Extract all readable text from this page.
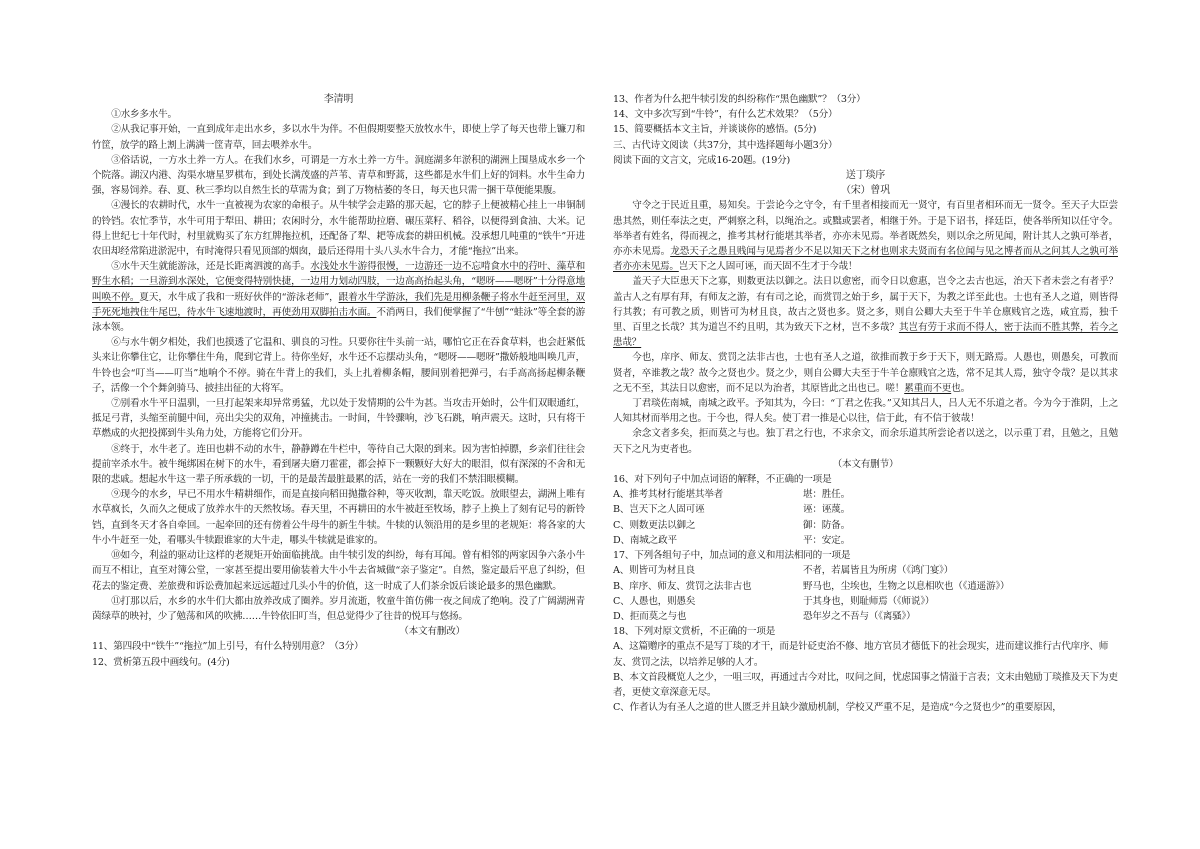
李清明

①水乡多水牛。

②从我记事开始，一直到成年走出水乡，多以水牛为伴。不但假期要整天放牧水牛，即使上学了每天也带上镰刀和竹筐，放学的路上割上满满一筐青草，回去喂养水牛。

③俗话说，一方水土养一方人。在我们水乡，可谓是一方水土养一方牛。洞庭湖多年淤积的湖洲上围垦成水乡一个个院落。湖汉内港、沟渠水塘星罗棋布，到处长满茂盛的芦苇、青草和野蒿，这些都是水牛们上好的饲料。水牛生命力强，容易饲养。春、夏、秋三季均以自然生长的草需为食；到了万物枯萎的冬日，每天也只需一捆干草便能果腹。

④漫长的农耕时代，水牛一直被视为农家的命根子。从牛犊学会走路的那天起，它的脖子上便被精心挂上一串铜制的铃铛。农忙季节，水牛可用于犁田、耕田；农闲时分，水牛能帮助拉磨、碾压菜籽、稻谷，以便得到食油、大米。记得上世纪七十年代时，村里就购买了东方红牌拖拉机，还配备了犁、耙等成套的耕田机械。没承想几吨重的“铁牛”开进农田却经常陷进淤泥中，有时淹得只看见顶部的烟囱，最后还得用十头八头水牛合力，才能“拖拉”出来。

⑤水牛天生就能游泳，还是长距离泗渡的高手。水浅处水牛游得很慢，一边游还一边不忘啃食水中的荇叶、藻草和野生水稻；一旦游到水深处，它便变得特别快捷，一边用力划动四肢，一边高高抬起头角，“嗯呀——嗯呀”十分得意地叫唤不停。夏天，水牛成了我和一班好伙伴的“游泳老师”，跟着水牛学游泳，我们先是用柳条鞭子将水牛赶至河里，双手死死地拽住牛尾巴，待水牛飞速地渡时，再使劲用双脚拍击水面。不消两日，我们便掌握了“牛刨”“蛙泳”等全套的游泳本领。

⑥与水牛朝夕相处，我们也摸透了它温和、驯良的习性。只要你往牛头前一站，哪怕它正在吞食草料，也会赶紧低头来让你攀住它，让你攀住牛角，爬到它背上。待你坐好，水牛还不忘摆动头角，“嗯呀——嗯呀”撒娇般地叫唤几声，牛铃也会“叮当——叮当”地响个不停。骑在牛背上的我们，头上扎着柳条帽，腰间别着把弹弓，右手高高扬起柳条鞭子，活像一个个舞剑骑马、披挂出征的大将军。

⑦别看水牛平日温驯，一旦打起架来却异常勇猛，尤以处于发情期的公牛为甚。当攻击开始时，公牛们双眼通红，抵足弓背，头缩至前腿中间，亮出尖尖的双角，冲撞挑击。一时间，牛铃骤响，沙飞石跳，响声震天。这时，只有将干草燃成的火把投掷到牛头角力处，方能将它们分开。

⑧终于，水牛老了。连田也耕不动的水牛，静静蹲在牛栏中，等待自己大限的到来。因为害怕掉膘，乡亲们往往会提前宰杀水牛。被牛绳绑困在树下的水牛，看到屠夫磨刀霍霍，都会掉下一颗颗好大好大的眼泪，似有深深的不舍和无限的悲戚。想起水牛这一辈子所承载的一切，干的是最苦最脏最累的活，站在一旁的我们不禁泪眼模糊。

⑨现今的水乡，早已不用水牛精耕细作，而是直接向稻田抛撒谷种，等灭收割，靠天吃饭。放眼望去，湖洲上唯有水草疯长，久而久之便成了放养水牛的天然牧场。春天里，不再耕田的水牛被赶至牧场，脖子上换上了刻有记号的新铃铛，直到冬天才各自牵回。一起牵回的还有傍着公牛母牛的新生牛犊。牛犊的认领沿用的是乡里的老规矩：将各家的大牛小牛赶至一处，看哪头牛犊跟谁家的大牛走，哪头牛犊就是谁家的。

⑩如今，利益的驱动让这样的老规矩开始面临挑战。由牛犊引发的纠纷，每有耳闻。曾有相邻的两家因争六条小牛而互不相让，直至对簿公堂，一家甚至提出要用偷装着大牛小牛去省城做“亲子鉴定”。自然，鉴定最后平息了纠纷，但花去的鉴定费、差旅费和诉讼费加起来远远超过几头小牛的价值，这一时成了人们茶余饭后谈论最多的黑色幽默。

⑪打那以后，水乡的水牛们大都由放养改成了圈养。岁月流逝，牧童牛笛仿佛一夜之间成了绝响。没了广阔湖洲青茵绿草的映衬，少了勉荡和风的吹拂……牛铃依旧叮当，但总觉得少了往昔的悦耳与悠扬。

（本文有删改）

11、第四段中“铁牛”“拖拉”加上引号，有什么特别用意？（3分）

12、赏析第五段中画线句。(4分)

13、作者为什么把牛犊引发的纠纷称作“黑色幽默”？（3分）

14、文中多次写到“牛铃”，有什么艺术效果？（5分）

15、简要概括本文主旨，并谈谈你的感悟。(5分)

三、古代诗文阅读（共37分，其中选择题每小题3分）

阅读下面的文言文，完成16-20题。(19分)

送丁琰序

（宋）曾巩

守令之于民近且重，易知矣。于尝论今之守令，有千里者相接而无一贤守，有百里者相环而无一贤令。至天子大臣尝患其然，则任奉法之吏，严刺察之科，以绳治之。或黜或罢者，相继于外。于是下诏书，择廷臣，使各举所知以任守令。举举者有姓名，得而视之，推考其材行能堪其举者，亦亦未见焉。举者既然矣，则以余之所见闻，附计其人之孰可举者，亦亦未见焉。龙恐天子之愚且贱闻与见焉者少不足以知天下之材也则求夫贤而有名位闻与见之博者而从之问其人之孰可举者亦亦未见焉。岂天下之人固可诬，而天固不生才于今哉！

盖天子大臣患天下之寡，则数更法以御之。法日以愈密，而令日以愈惠，岂令之去古也远，治天下者未尝之有者乎？盖古人之有厚有拜，有师友之游，有有司之论，而赏罚之始于乡，属于天下，为教之详至此也。士也有圣人之道，则皆得行其教；有可教之质，则皆可为材且良，故古之贤也多。贤之多，则自公卿大夫至于牛羊仓廪贱官之选，咸宜焉，独千里、百里之长哉？其为道岂不约且明，其为致天下之材，岂不多哉？其岂有劳于求而不得人，密于法而不胜其弊，若今之患哉？

今也，庠序、师友、赏罚之法非古也，士也有圣人之道，欲推而教于乡于天下，则无路焉。人愚也，则愚矣，可教而贤者，卒谁教之哉？故今之贤也少。贤之少，则自公卿大夫至于牛羊仓廪贱官之选，常不足其人焉，独守令哉？是以其求之无不至，其法日以愈密，而不足以为治者，其原皆此之出也已。嗟！累重而不更也。

丁君琰佐南城，南城之政平。予知其为，今曰：“丁君之佐我。”又知其吕人，吕人无不乐道之者。今为今于淮阴，上之人知其材而举用之也。于今也，得人矣。使丁君一推是心以往，信于此，有不信于彼哉！

余念文者多矣，拒而莫之与也。独丁君之行也，不求余文，而余乐道其所尝论者以送之，以示重丁君，且勉之，且勉天下之凡为吏者也。

（本文有删节）

16、对下列句子中加点词语的解释，不正确的一项是

A、推考其材行能堪其举者	堪：胜任。
B、岂天下之人固可诬	诬：诬蔑。
C、则数更法以御之	御：防备。
D、南城之政平	平：安定。

17、下列各组句子中，加点词的意义和用法相同的一项是

A、则皆可为材且良	不者，若属皆且为所虏（《鸿门宴》）
B、庠序、师友、赏罚之法非古也	野马也，尘埃也，生物之以息相吹也（《逍遥游》）
C、人愚也，则愚矣	于其身也，则耻师焉（《师说》）
D、拒而莫之与也	恐年岁之不吾与（《离骚》）

18、下列对原文赏析，不正确的一项是

A、这篇赠序的重点不是写丁琰的才干，而是针砭吏治不修、地方官员才德低下的社会现实，进而建议推行古代庠序、师友、赏罚之法，以培养足够的人才。

B、本文首段概览人之少，一咀三叹，再通过古今对比，叹问之间，忧虑国事之情溢于言表；文末由勉励丁琰推及天下为吏者，更使文章深意无尽。

C、作者认为有圣人之道的世人匮乏并且缺少激励机制，学校又严重不足，是造成“今之贤也少”的重要原因，
